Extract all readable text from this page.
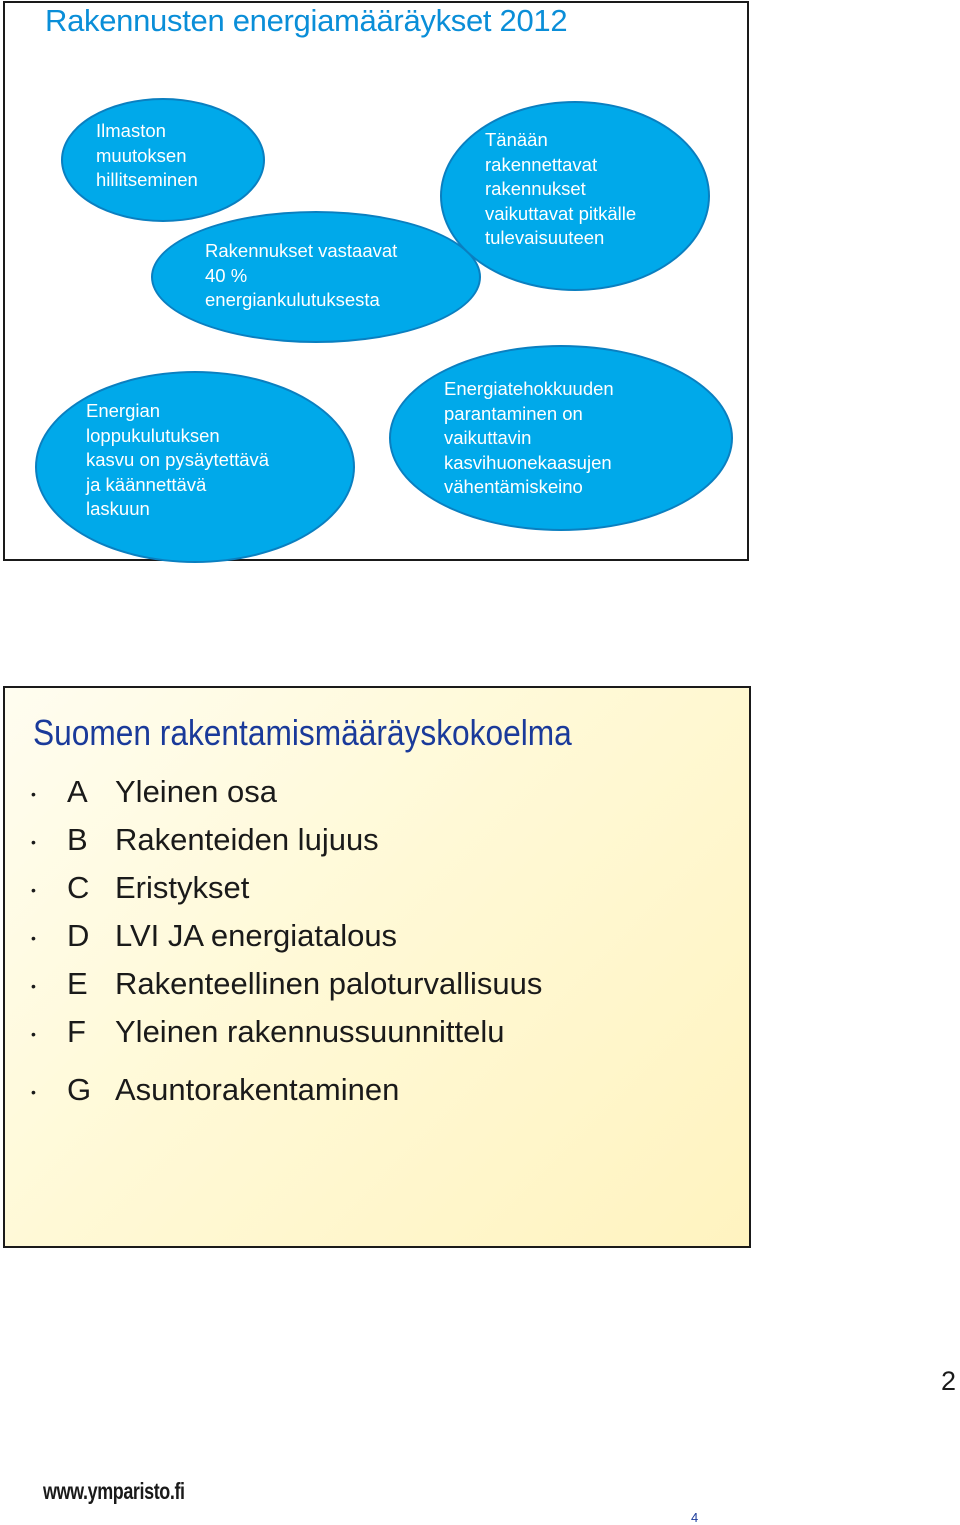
Rakennusten energiamääräykset 2012

Ilmaston
muutoksen
hillitseminen

Rakennukset vastaavat
40 %
energiankulutuksesta

Tänään
rakennettavat
rakennukset
vaikuttavat pitkälle
tulevaisuuteen

Energian
loppukulutuksen
kasvu on pysäytettävä
ja käännettävä
laskuun

Energiatehokkuuden
parantaminen on
vaikuttavin
kasvihuonekaasujen
vähentämiskeino

Suomen rakentamismääräyskokoelma
• A Yleinen osa
• B Rakenteiden lujuus
• C Eristykset
• D LVI JA energiatalous
• E Rakenteellinen paloturvallisuus
• F Yleinen rakennussuunnittelu
• G Asuntorakentaminen
www.ymparisto.fi
4
2
